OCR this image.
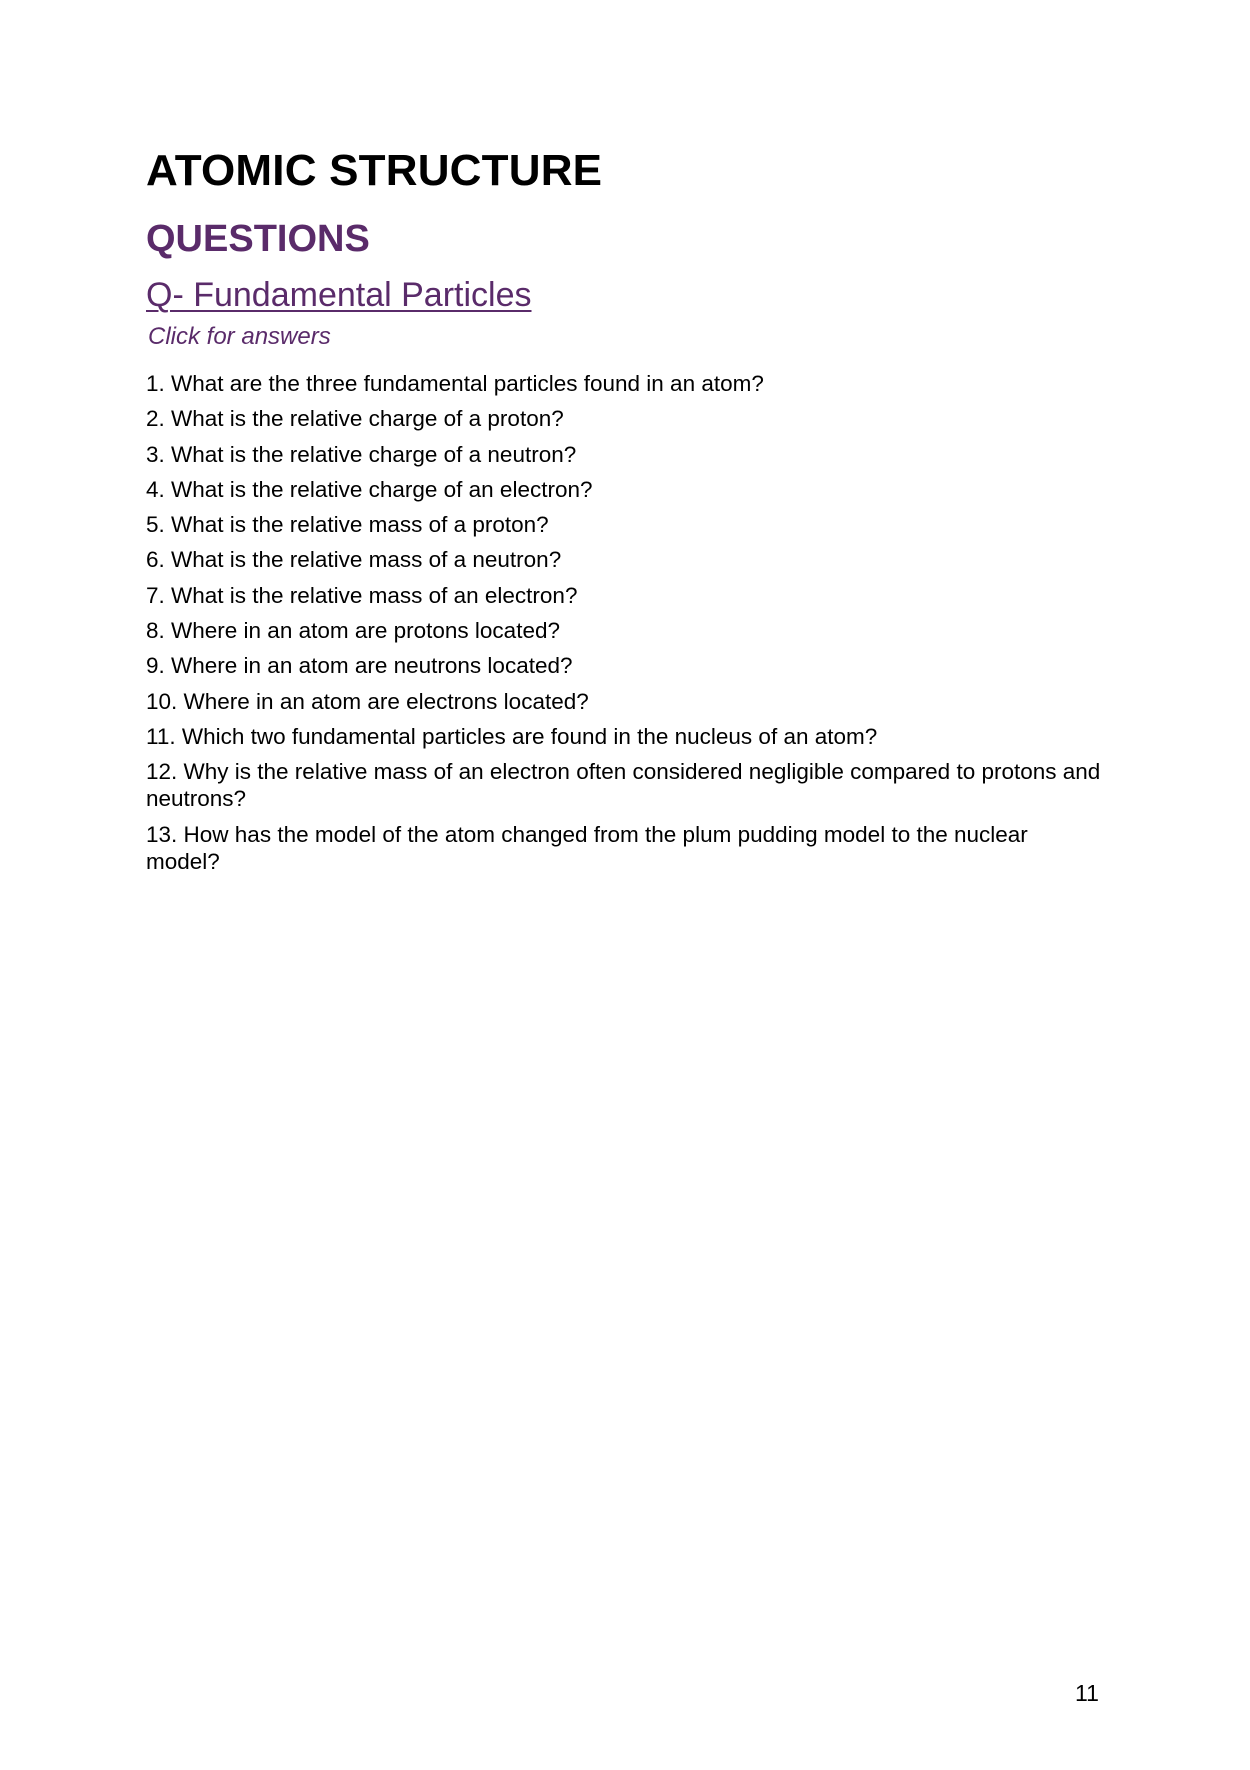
ATOMIC STRUCTURE
QUESTIONS
Q- Fundamental Particles
Click for answers
1. What are the three fundamental particles found in an atom?
2. What is the relative charge of a proton?
3. What is the relative charge of a neutron?
4. What is the relative charge of an electron?
5. What is the relative mass of a proton?
6. What is the relative mass of a neutron?
7. What is the relative mass of an electron?
8. Where in an atom are protons located?
9. Where in an atom are neutrons located?
10. Where in an atom are electrons located?
11. Which two fundamental particles are found in the nucleus of an atom?
12. Why is the relative mass of an electron often considered negligible compared to protons and neutrons?
13. How has the model of the atom changed from the plum pudding model to the nuclear model?
11
